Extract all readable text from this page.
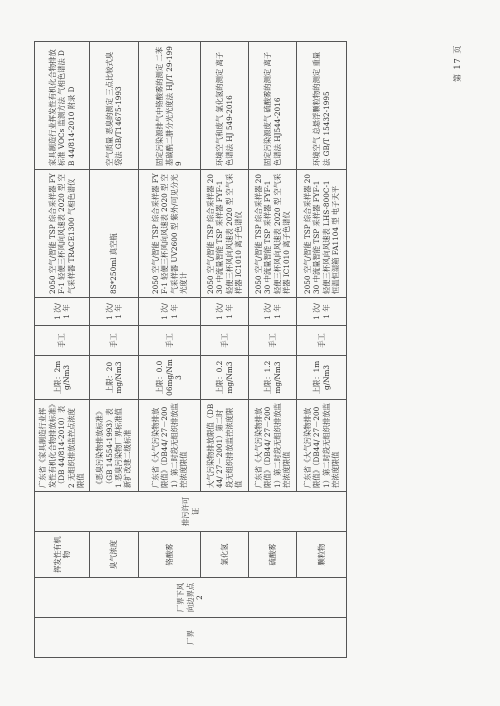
厂界	厂界下风向边界点 2	挥发性有机物	排污许可证	广东省《家具制造行业挥发性有机化合物排放标准》（DB 44/814-2010）表 2 无组织排放监控点浓度限值	上限：2mg/Nm3	手工	1 次/1 年	2050 空气/智能 TSP 综合采样器 FYF-1 轻便三杯风向风速表 2020 型 空气采样器 TRACE1300 气相色谱仪	家具制造行业挥发性有机化合物排放标准 VOCs 监测方法 气相色谱法 DB 44/814-2010 附录 D

		臭气浓度		《恶臭污染物排放标准》（GB 14554-1993）表 1 恶臭污染物厂界标准值新扩改建二级标准	上限：20mg/Nm3	手工	1 次/1 年	8S*250ml 真空瓶	空气质量 恶臭的测定 三点比较式臭袋法 GB/T14675-1993

		铬酸雾		广东省《大气污染物排放限值》（DB44/ 27－2001）第二时段无组织排放监控浓度限值	上限：0.006mg/Nm3	手工	1 次/1 年	2050 空气/智能 TSP 综合采样器 FYF-1 轻便三杯风向风速表 2020 型 空气采样器 UV2600 型 紫外/可见分光光度计	固定污染源排气中铬酸雾的测定 二苯基碳酰二肼分光光度法 HJ/T 29-1999

		氯化氢		大气污染物排放限值（DB44/ 27－2001）第二时段无组织排放监控浓度限值	上限：0.2mg/Nm3	手工	1 次/1 年	2050 空气/智能 TSP 综合采样器 2030 中流量智能 TSP 采样器 FYF-1 轻便三杯风向风速表 2020 型 空气采样器 IC1010 离子色谱仪	环境空气和废气 氯化氢的测定 离子色谱法 HJ 549-2016

		硫酸雾		广东省《大气污染物排放限值》（DB44/ 27－2001）第二时段无组织排放监控浓度限值	上限：1.2mg/Nm3	手工	1 次/1 年	2050 空气/智能 TSP 综合采样器 2030 中流量智能 TSP 采样器 FYF-1 轻便三杯风向风速表 2020 型 空气采样器 IC1010 离子色谱仪	固定污染源废气 硫酸雾的测定 离子色谱法 HJ544-2016

		颗粒物		广东省《大气污染物排放限值》（DB44/ 27－2001）第二时段无组织排放监控浓度限值	上限：1mg/Nm3	手工	1 次/1 年	2050 空气/智能 TSP 综合采样器 2030 中流量智能 TSP 采样器 FYF-1 轻便三杯风向风速表 LHS-800C-1 恒温恒湿箱 FA1104 型 电子天平	环境空气 总悬浮颗粒物的测定 重量法 GB/T 15432-1995
第 17 页
